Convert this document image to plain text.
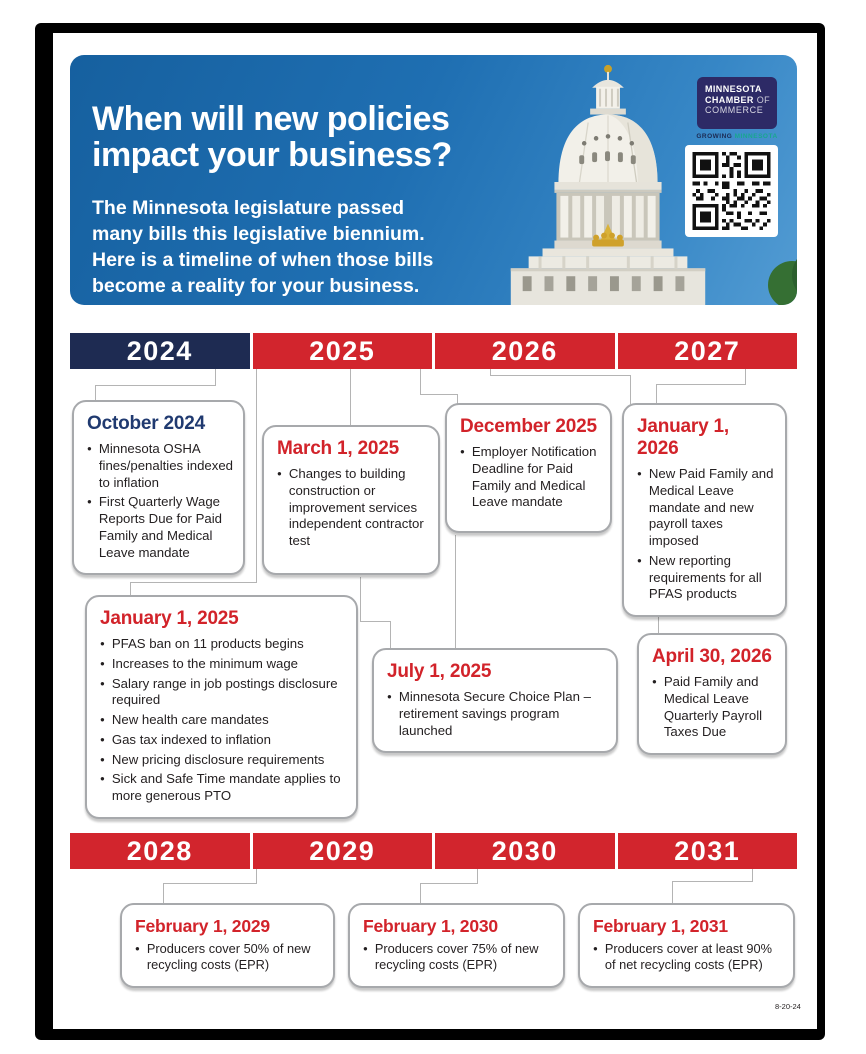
When will new policies
impact your business?
The Minnesota legislature passed
many bills this legislative biennium.
Here is a timeline of when those bills
become a reality for your business.
MINNESOTA
CHAMBER OF
COMMERCE
GROWING MINNESOTA
2024	2025	2026	2027
2028	2029	2030	2031
October 2024
● Minnesota OSHA fines/penalties indexed to inflation
● First Quarterly Wage Reports Due for Paid Family and Medical Leave mandate
March 1, 2025
● Changes to building construction or improvement services independent contractor test
December 2025
● Employer Notification Deadline for Paid Family and Medical Leave mandate
January 1, 2026
● New Paid Family and Medical Leave mandate and new payroll taxes imposed
● New reporting requirements for all PFAS products
January 1, 2025
● PFAS ban on 11 products begins
● Increases to the minimum wage
● Salary range in job postings disclosure required
● New health care mandates
● Gas tax indexed to inflation
● New pricing disclosure requirements
● Sick and Safe Time mandate applies to more generous PTO
July 1, 2025
● Minnesota Secure Choice Plan – retirement savings program launched
April 30, 2026
● Paid Family and Medical Leave Quarterly Payroll Taxes Due
February 1, 2029
● Producers cover 50% of new recycling costs (EPR)
February 1, 2030
● Producers cover 75% of new recycling costs (EPR)
February 1, 2031
● Producers cover at least 90% of net recycling costs (EPR)
8-20-24
